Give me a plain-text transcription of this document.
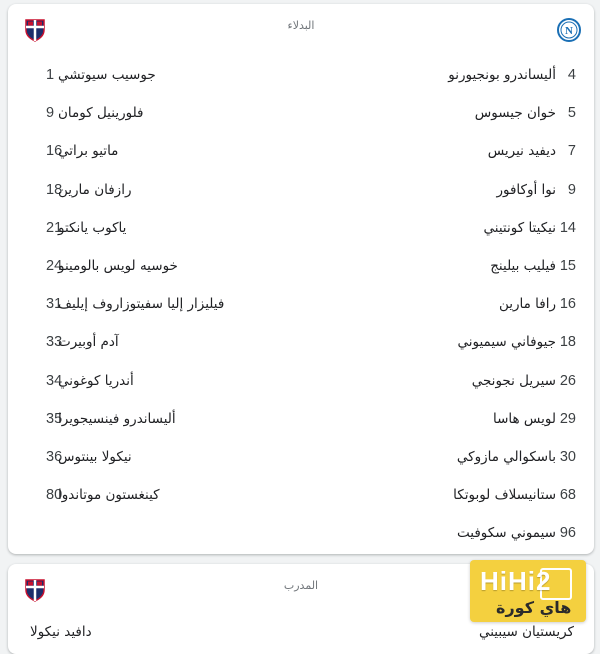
البدلاء	N
4
أليساندرو بونجيورنو
1 جوسيب سيوتشي
5
خوان جيسوس
9 فلورينيل كومان
7
ديفيد نيريس
16
ماتيو براتي
9
نوا أوكافور
18
رازفان مارين
14
نيكيتا كونتيني
21
ياكوب يانكتو
15
فيليب بيلينج
24
خوسيه لويس بالومينو
16
رافا مارين
31
فيليزار إليا سفيتوزاروف إيليف
18
جيوفاني سيميوني
33
آدم أوبيرت
26
سيريل نجونجي
34
أندريا كوغوني
29
لويس هاسا
35
أليساندرو فينسيجويرا
30
باسكوالي مازوكي
36
نيكولا بينتوس
68
ستانيسلاف لوبوتكا
80
كينغستون موتاندوا
96
سيموني سكوفيت
المدرب
كريستيان سيبيني
دافيد نيكولا
HiHi2
هاي كورة
